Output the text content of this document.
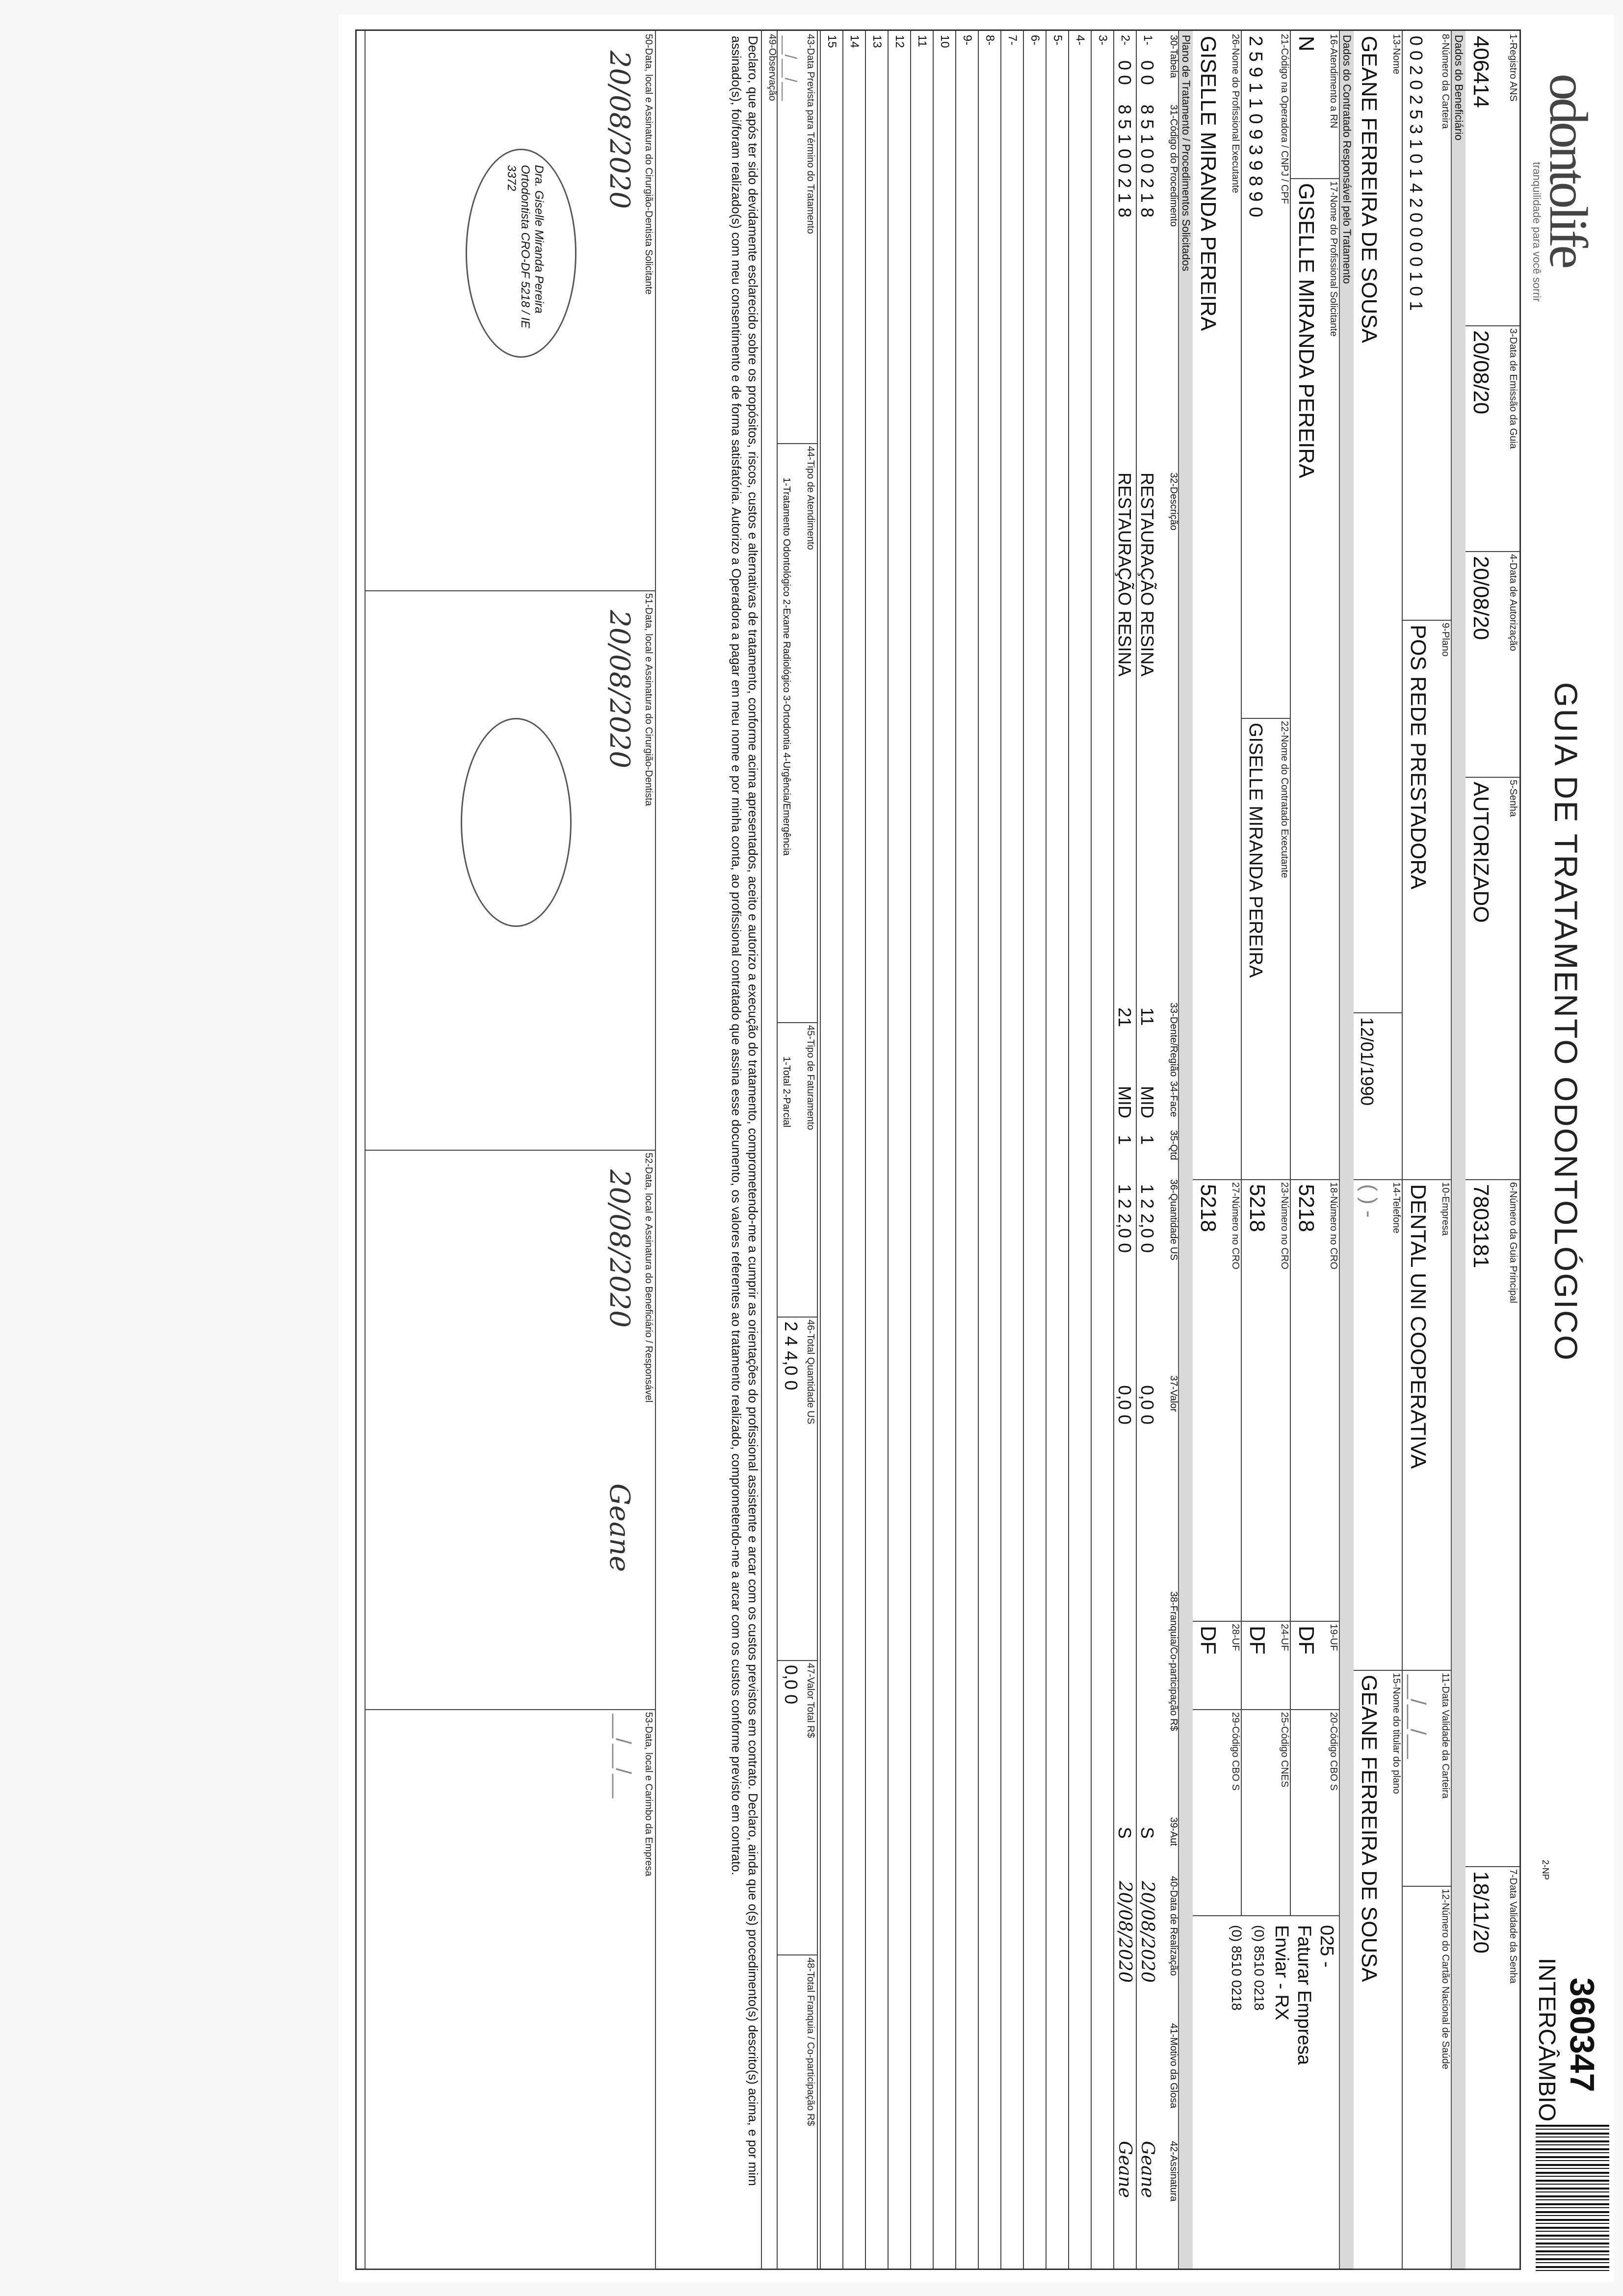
odontolife
tranquilidade para você sorrir
GUIA DE TRATAMENTO ODONTOLÓGICO
360347
INTERCÂMBIO
2-NP
1-Registro ANS
406414
3-Data de Emissão da Guia
20/08/20
4-Data de Autorização
20/08/20
5-Senha
AUTORIZADO
6-Número da Guia Principal
7803181
7-Data Validade da Senha
18/11/20
Dados do Beneficiário
8-Número da Carteira
0 0 2 0 2 5 3 1 0 1 4 2 0 0 0 0 1 0 1
9-Plano
POS REDE PRESTADORA
10-Empresa
DENTAL UNI COOPERATIVA
11-Data Validade da Carteira
__/__/__
12-Número do Cartão Nacional de Saúde
13-Nome
GEANE FERREIRA DE SOUSA
12/01/1990
14-Telefone
( ) -
15-Nome do titular do plano
GEANE FERREIRA DE SOUSA
Dados do Contratado Responsável pelo Tratamento
16-Atendimento a RN
N
17-Nome do Profissional Solicitante
GISELLE MIRANDA PEREIRA
18-Número no CRO
5218
19-UF
DF
20-Código CBO S
21-Código na Operadora / CNPJ / CPF
2 5 9 1 1 0 9 3 9 8 9 0
22-Nome do Contratado Executante
GISELLE MIRANDA PEREIRA
23-Número no CRO
5218
24-UF
DF
25-Código CNES
26-Nome do Profissional Executante
GISELLE MIRANDA PEREIRA
27-Número no CRO
5218
28-UF
DF
29-Código CBO S
025 -
Faturar Empresa
Enviar - RX
(0) 8510 0218
(0) 8510 0218
Plano de Tratamento / Procedimentos Solicitados
30-Tabela
31-Código do Procedimento
32-Descrição
33-Dente/Região
34-Face
35-Qtd
36-Quantidade US
37-Valor
38-Franquia/Co-participação R$
39-Aut
40-Data de Realização
41-Motivo da Glosa
42-Assinatura
1-
0 0
8 5 1 0 0 2 1 8
RESTAURAÇÃO RESINA
11
MID
1
1 2 2,0 0
0,0 0
S
20/08/2020
Geane
2-
0 0
8 5 1 0 0 2 1 8
RESTAURAÇÃO RESINA
21
MID
1
1 2 2,0 0
0,0 0
S
20/08/2020
Geane
3-
4-
5-
6-
7-
8-
9-
10
11
12
13
14
15
43-Data Prevista para Término do Tratamento
__/__/__
44-Tipo de Atendimento
1-Tratamento Odontológico 2-Exame Radiológico 3-Ortodontia 4-Urgência/Emergência
45-Tipo de Faturamento
1-Total 2-Parcial
46-Total Quantidade US
2 4 4,0 0
47-Valor Total R$
0,0 0
48-Total Franquia / Co-participação R$
49-Observação
Declaro, que após ter sido devidamente esclarecido sobre os propósitos, riscos, custos e alternativas de tratamento, conforme acima apresentados, aceito e autorizo a execução do tratamento, comprometendo-me a cumprir as orientações do profissional assistente e arcar com os custos previstos em contrato. Declaro, ainda que o(s) procedimento(s) descrito(s) acima, e por mim assinado(s), foi/foram realizado(s) com meu consentimento e de forma satisfatória. Autorizo a Operadora a pagar em meu nome e por minha conta, ao profissional contratado que assina esse documento, os valores referentes ao tratamento realizado, comprometendo-me a arcar com os custos conforme previsto em contrato.
50-Data, local e Assinatura do Cirurgião-Dentista Solicitante
20/08/2020
Dra. Giselle Miranda Pereira Ortodontista CRO-DF 5218 / IE 3372
51-Data, local e Assinatura do Cirurgião-Dentista
20/08/2020
52-Data, local e Assinatura do Beneficiário / Responsável
20/08/2020
Geane
53-Data, local e Carimbo da Empresa
__/__/__
